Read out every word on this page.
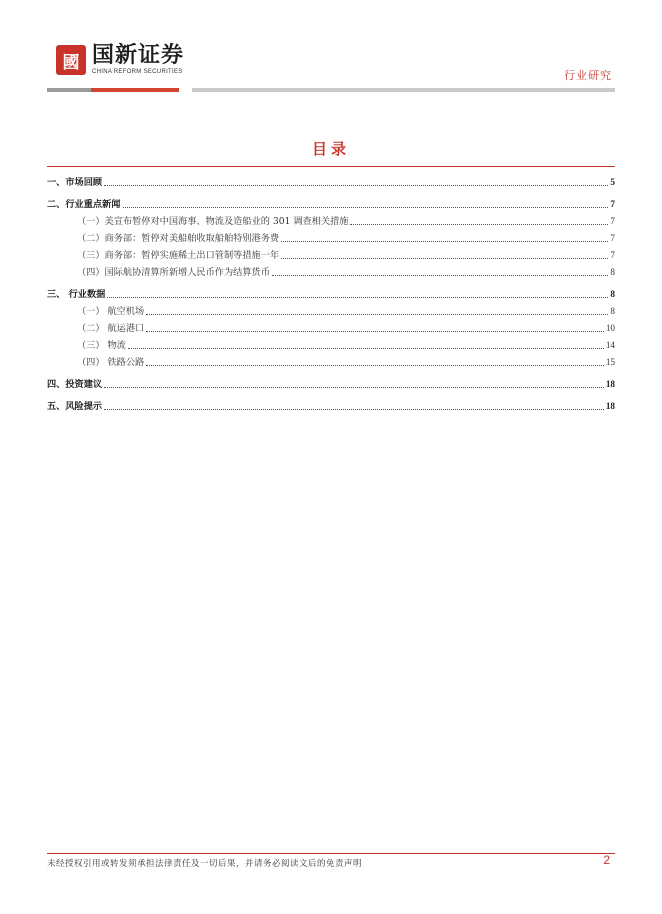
國 国新证券
CHINA REFORM SECURITIES	行业研究
目录
一、市场回顾	5
二、行业重点新闻	7
（一）美宣布暂停对中国海事、物流及造船业的 301 调查相关措施	7
（二）商务部：暂停对美船舶收取船舶特别港务费	7
（三）商务部：暂停实施稀土出口管制等措施一年	7
（四）国际航协清算所新增人民币作为结算货币	8
三、 行业数据	8
（一） 航空机场	8
（二） 航运港口	10
（三） 物流	14
（四） 铁路公路	15
四、投资建议	18
五、风险提示	18
未经授权引用或转发须承担法律责任及一切后果，并请务必阅读文后的免责声明	2
